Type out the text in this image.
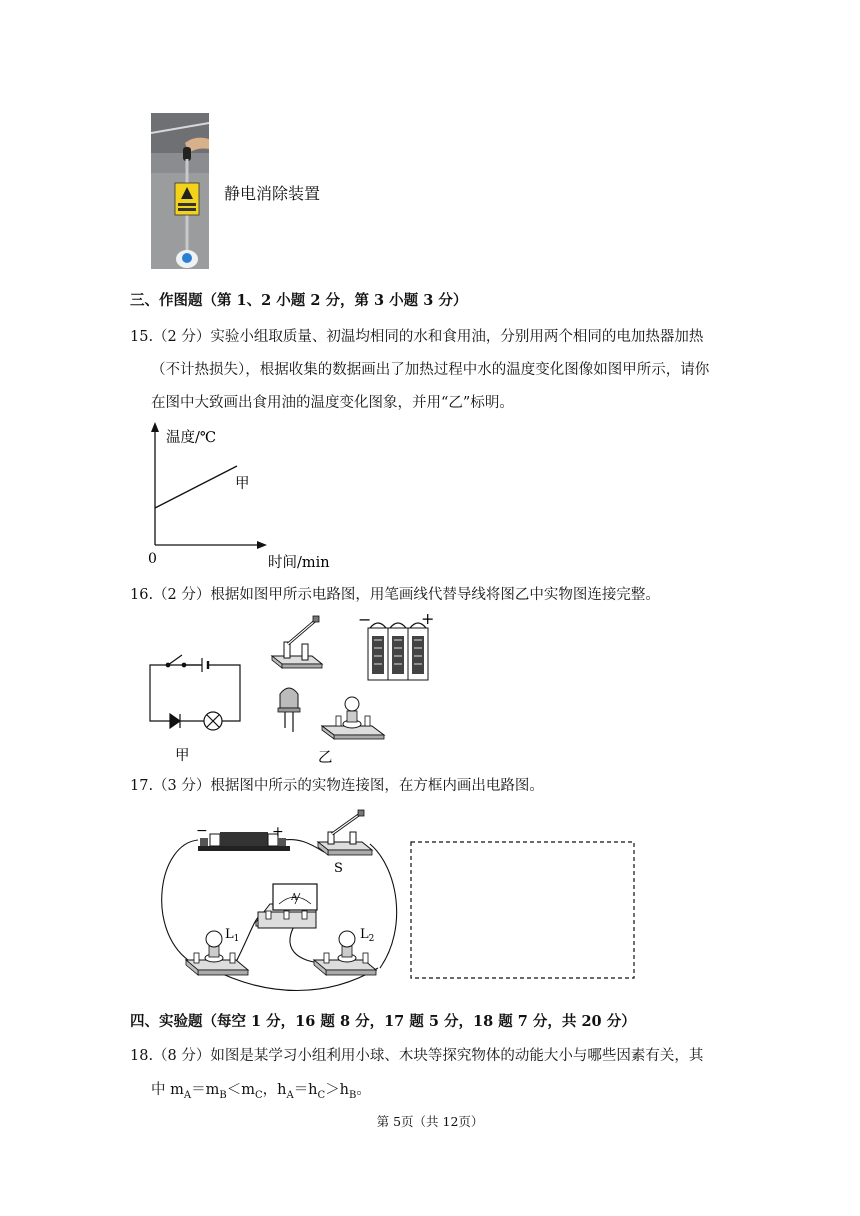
静电消除装置
三、作图题（第 1、2 小题 2 分，第 3 小题 3 分）
15.（2 分）实验小组取质量、初温均相同的水和食用油，分别用两个相同的电加热器加热
（不计热损失），根据收集的数据画出了加热过程中水的温度变化图像如图甲所示，请你
在图中大致画出食用油的温度变化图象，并用“乙”标明。
温度/℃
时间/min
0
甲
16.（2 分）根据如图甲所示电路图，用笔画线代替导线将图乙中实物图连接完整。
甲
−	+
乙
17.（3 分）根据图中所示的实物连接图，在方框内画出电路图。
−	+
S
A
$L_1$	$L_2$
四、实验题（每空 1 分，16 题 8 分，17 题 5 分，18 题 7 分，共 20 分）
18.（8 分）如图是某学习小组利用小球、木块等探究物体的动能大小与哪些因素有关，其
中 $m_A=m_B<m_C$，$h_A=h_C>h_B$。
第 5页（共 12页）
